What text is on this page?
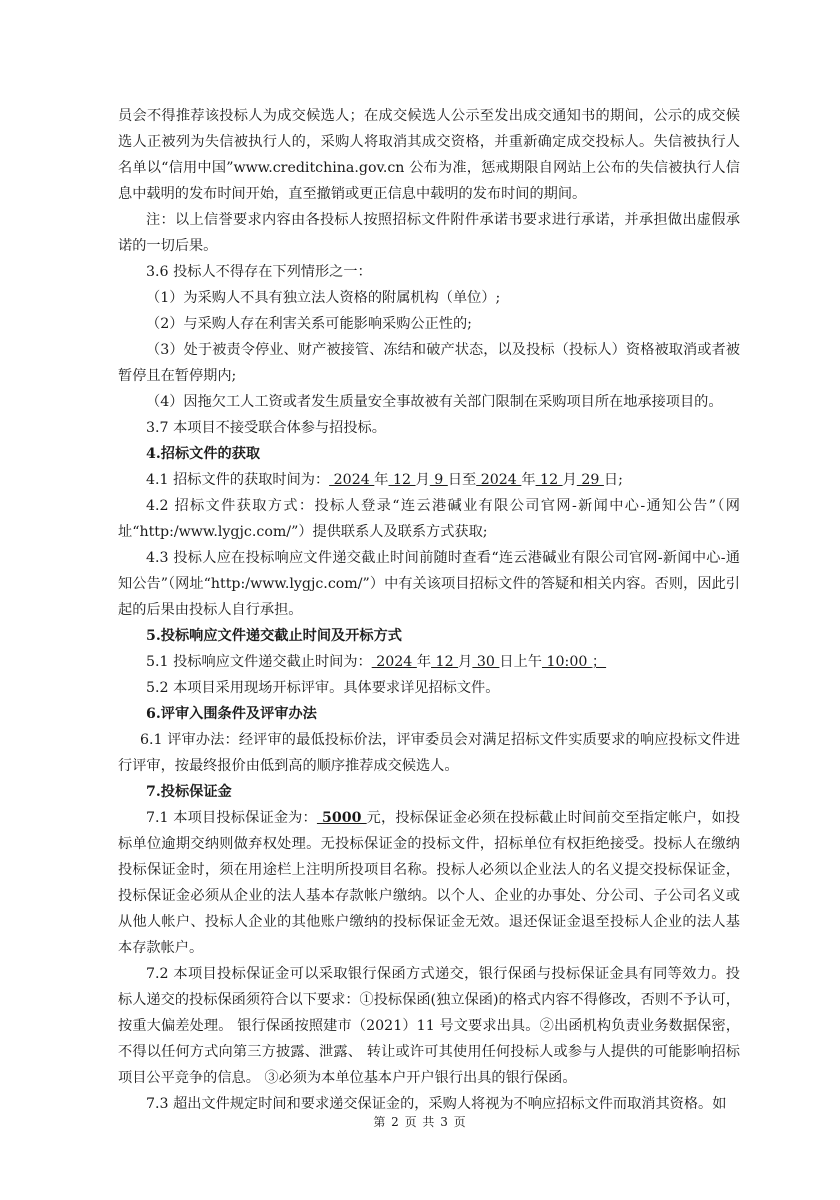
员会不得推荐该投标人为成交候选人；在成交候选人公示至发出成交通知书的期间，公示的成交候选人正被列为失信被执行人的，采购人将取消其成交资格，并重新确定成交投标人。失信被执行人名单以“信用中国”www.creditchina.gov.cn 公布为准，惩戒期限自网站上公布的失信被执行人信息中载明的发布时间开始，直至撤销或更正信息中载明的发布时间的期间。

注：以上信誉要求内容由各投标人按照招标文件附件承诺书要求进行承诺，并承担做出虚假承诺的一切后果。

3.6 投标人不得存在下列情形之一：

（1）为采购人不具有独立法人资格的附属机构（单位）;

（2）与采购人存在利害关系可能影响采购公正性的;

（3）处于被责令停业、财产被接管、冻结和破产状态，以及投标（投标人）资格被取消或者被暂停且在暂停期内;

（4）因拖欠工人工资或者发生质量安全事故被有关部门限制在采购项目所在地承接项目的。

3.7 本项目不接受联合体参与招投标。

4.招标文件的获取

4.1 招标文件的获取时间为： 2024 年 12 月 9 日至 2024 年 12 月 29 日;

4.2 招标文件获取方式：投标人登录“连云港碱业有限公司官网-新闻中心-通知公告”（网址“http:/www.lygjc.com/”）提供联系人及联系方式获取;

4.3 投标人应在投标响应文件递交截止时间前随时查看“连云港碱业有限公司官网-新闻中心-通知公告”（网址“http:/www.lygjc.com/”）中有关该项目招标文件的答疑和相关内容。否则，因此引起的后果由投标人自行承担。

5.投标响应文件递交截止时间及开标方式

5.1 投标响应文件递交截止时间为： 2024 年 12 月 30 日上午 10:00 ；

5.2 本项目采用现场开标评审。具体要求详见招标文件。

6.评审入围条件及评审办法

6.1 评审办法：经评审的最低投标价法，评审委员会对满足招标文件实质要求的响应投标文件进行评审，按最终报价由低到高的顺序推荐成交候选人。

7.投标保证金

7.1 本项目投标保证金为： 5000 元，投标保证金必须在投标截止时间前交至指定帐户，如投标单位逾期交纳则做弃权处理。无投标保证金的投标文件，招标单位有权拒绝接受。投标人在缴纳投标保证金时，须在用途栏上注明所投项目名称。投标人必须以企业法人的名义提交投标保证金，投标保证金必须从企业的法人基本存款帐户缴纳。以个人、企业的办事处、分公司、子公司名义或从他人帐户、投标人企业的其他账户缴纳的投标保证金无效。退还保证金退至投标人企业的法人基本存款帐户。

7.2 本项目投标保证金可以采取银行保函方式递交，银行保函与投标保证金具有同等效力。投标人递交的投标保函须符合以下要求：①投标保函(独立保函)的格式内容不得修改，否则不予认可，按重大偏差处理。 银行保函按照建市（2021）11 号文要求出具。②出函机构负责业务数据保密，不得以任何方式向第三方披露、泄露、 转让或许可其使用任何投标人或参与人提供的可能影响招标项目公平竞争的信息。 ③必须为本单位基本户开户银行出具的银行保函。

7.3 超出文件规定时间和要求递交保证金的，采购人将视为不响应招标文件而取消其资格。如

第 2 页 共 3 页
